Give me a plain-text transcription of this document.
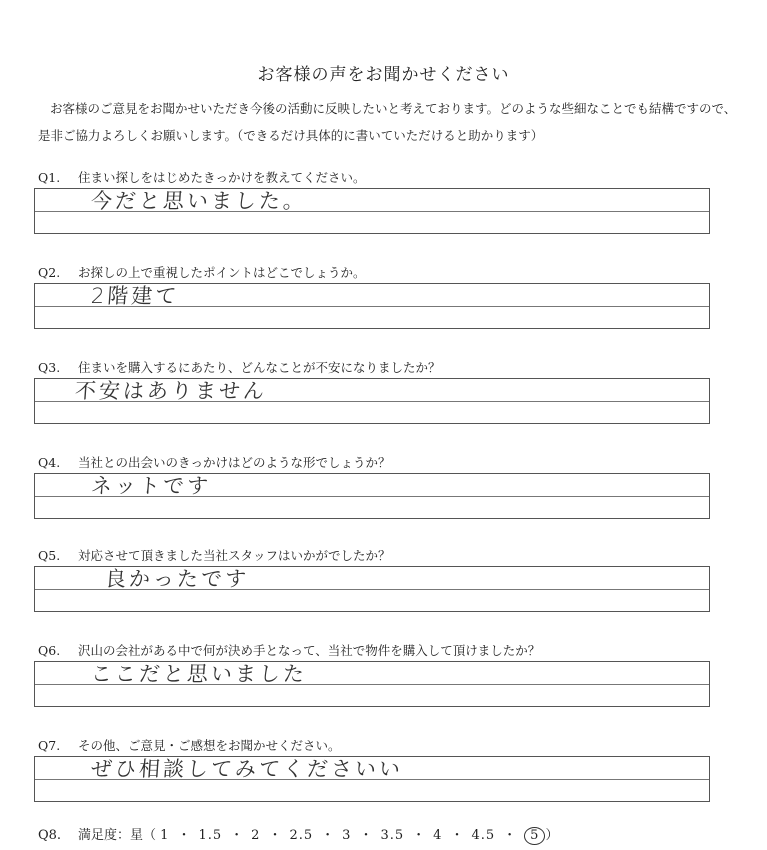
お客様の声をお聞かせください
お客様のご意見をお聞かせいただき今後の活動に反映したいと考えております。どのような些細なことでも結構ですので、是非ご協力よろしくお願いします。（できるだけ具体的に書いていただけると助かります）
Q1. 住まい探しをはじめたきっかけを教えてください。
今だと思いました。
Q2. お探しの上で重視したポイントはどこでしょうか。
2階建て
Q3. 住まいを購入するにあたり、どんなことが不安になりましたか？
不安はありません
Q4. 当社との出会いのきっかけはどのような形でしょうか？
ネットです
Q5. 対応させて頂きました当社スタッフはいかがでしたか？
良かったです
Q6. 沢山の会社がある中で何が決め手となって、当社で物件を購入して頂けましたか？
ここだと思いました
Q7. その他、ご意見・ご感想をお聞かせください。
ぜひ相談してみてくださいい
Q8. 満足度：星（ 1 ・ 1.5 ・ 2 ・ 2.5 ・ 3 ・ 3.5 ・ 4 ・ 4.5 ・ 5 ）
